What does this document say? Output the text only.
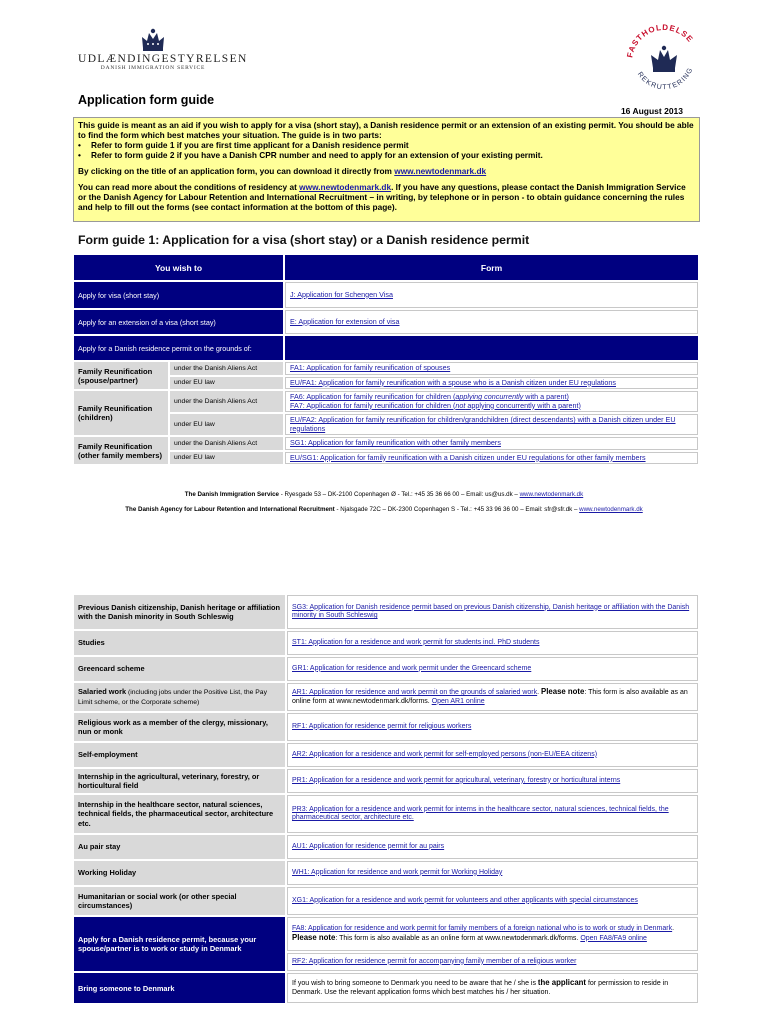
UDLÆNDINGESTYRELSEN
DANISH IMMIGRATION SERVICE
FASTHOLDELSE
REKRUTTERING
Application form guide
16 August 2013

This guide is meant as an aid if you wish to apply for a visa (short stay), a Danish residence permit or an extension of an existing permit. You should be able to find the form which best matches your situation. The guide is in two parts:

• Refer to form guide 1 if you are first time applicant for a Danish residence permit
• Refer to form guide 2 if you have a Danish CPR number and need to apply for an extension of your existing permit.

By clicking on the title of an application form, you can download it directly from www.newtodenmark.dk

You can read more about the conditions of residency at www.newtodenmark.dk. If you have any questions, please contact the Danish Immigration Service or the Danish Agency for Labour Retention and International Recruitment – in writing, by telephone or in person - to obtain guidance concerning the rules and help to fill out the forms (see contact information at the bottom of this page).

Form guide 1: Application for a visa (short stay) or a Danish residence permit
You wish to		Form
Apply for visa (short stay)		J: Application for Schengen Visa
Apply for an extension of a visa (short stay)		E: Application for extension of visa
Apply for a Danish residence permit on the grounds of:		
Family Reunification (spouse/partner)	under the Danish Aliens Act	FA1: Application for family reunification of spouses
	under EU law	EU/FA1: Application for family reunification with a spouse who is a Danish citizen under EU regulations
Family Reunification (children)	under the Danish Aliens Act	FA6: Application for family reunification for children (applying concurrently with a parent)
FA7: Application for family reunification for children (not applying concurrently with a parent)
	under EU law	EU/FA2: Application for family reunification for children/grandchildren (direct descendants) with a Danish citizen under EU regulations
Family Reunification (other family members)	under the Danish Aliens Act	SG1: Application for family reunification with other family members
	under EU law	EU/SG1: Application for family reunification with a Danish citizen under EU regulations for other family members
The Danish Immigration Service - Ryesgade 53 – DK-2100 Copenhagen Ø - Tel.: +45 35 36 66 00 – Email: us@us.dk – www.newtodenmark.dk
The Danish Agency for Labour Retention and International Recruitment - Njalsgade 72C – DK-2300 Copenhagen S - Tel.: +45 33 96 36 00 – Email: sfr@sfr.dk – www.newtodenmark.dk
Previous Danish citizenship, Danish heritage or affiliation with the Danish minority in South Schleswig	SG3: Application for Danish residence permit based on previous Danish citizenship, Danish heritage or affiliation with the Danish minority in South Schleswig
Studies	ST1: Application for a residence and work permit for students incl. PhD students
Greencard scheme	GR1: Application for residence and work permit under the Greencard scheme
Salaried work (including jobs under the Positive List, the Pay Limit scheme, or the Corporate scheme)	AR1: Application for residence and work permit on the grounds of salaried work. Please note: This form is also available as an online form at www.newtodenmark.dk/forms. Open AR1 online
Religious work as a member of the clergy, missionary, nun or monk	RF1: Application for residence permit for religious workers
Self-employment	AR2: Application for a residence and work permit for self-employed persons (non-EU/EEA citizens)
Internship in the agricultural, veterinary, forestry, or horticultural field	PR1: Application for a residence and work permit for agricultural, veterinary, forestry or horticultural interns
Internship in the healthcare sector, natural sciences, technical fields, the pharmaceutical sector, architecture etc.	PR3: Application for a residence and work permit for interns in the healthcare sector, natural sciences, technical fields, the pharmaceutical sector, architecture etc.
Au pair stay	AU1: Application for residence permit for au pairs
Working Holiday	WH1: Application for residence and work permit for Working Holiday
Humanitarian or social work (or other special circumstances)	XG1: Application for a residence and work permit for volunteers and other applicants with special circumstances
Apply for a Danish residence permit, because your spouse/partner is to work or study in Denmark	FA8: Application for residence and work permit for family members of a foreign national who is to work or study in Denmark. Please note: This form is also available as an online form at www.newtodenmark.dk/forms. Open FA8/FA9 online
	RF2: Application for residence permit for accompanying family member of a religious worker
Bring someone to Denmark	If you wish to bring someone to Denmark you need to be aware that he / she is the applicant for permission to reside in Denmark. Use the relevant application forms which best matches his / her situation.
